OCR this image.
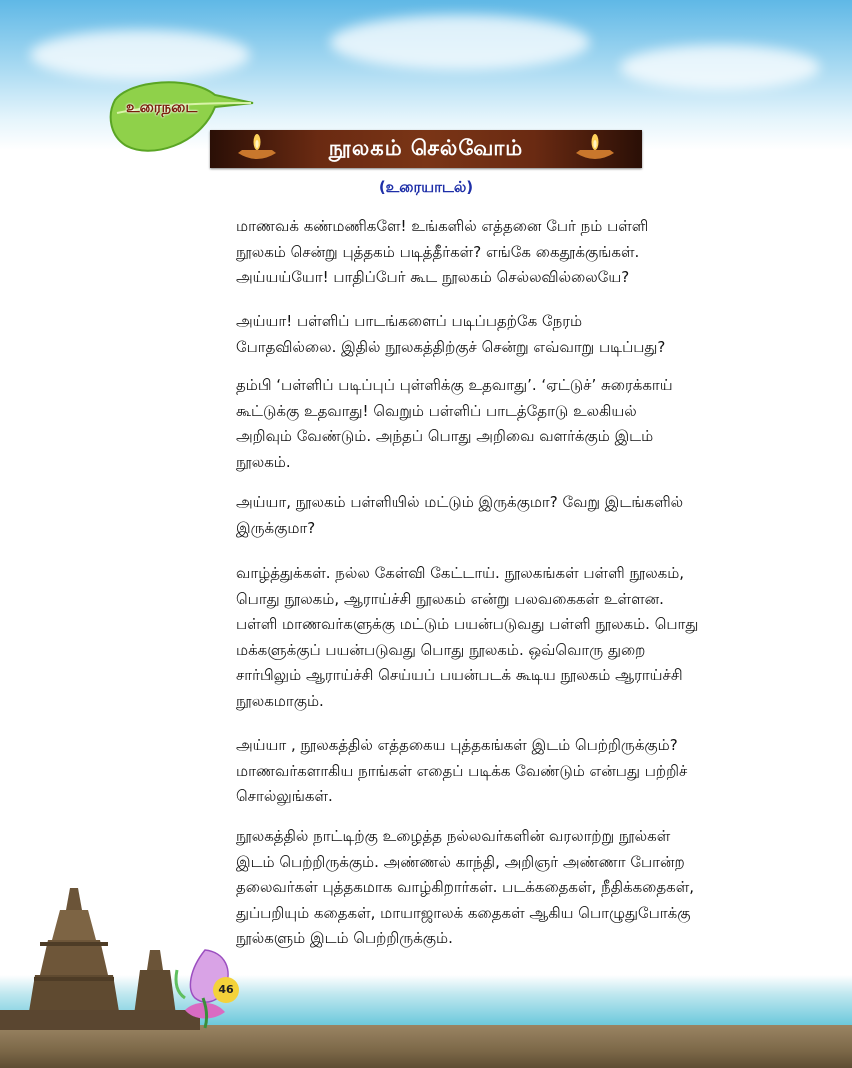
உரைநடை
நூலகம் செல்வோம்
(உரையாடல்)
மாணவக் கண்மணிகளே! உங்களில் எத்தனை பேர் நம் பள்ளி
நூலகம் சென்று புத்தகம் படித்தீர்கள்? எங்கே கைதூக்குங்கள்.
அய்யய்யோ! பாதிப்பேர் கூட நூலகம் செல்லவில்லையே?
அய்யா! பள்ளிப் பாடங்களைப் படிப்பதற்கே நேரம்
போதவில்லை. இதில் நூலகத்திற்குச் சென்று எவ்வாறு படிப்பது?
தம்பி ‘பள்ளிப் படிப்புப் புள்ளிக்கு உதவாது’. ‘ஏட்டுச்’ சுரைக்காய்
கூட்டுக்கு உதவாது! வெறும் பள்ளிப் பாடத்தோடு உலகியல்
அறிவும் வேண்டும். அந்தப் பொது அறிவை வளர்க்கும் இடம்
நூலகம்.
அய்யா, நூலகம் பள்ளியில் மட்டும் இருக்குமா? வேறு இடங்களில்
இருக்குமா?
வாழ்த்துக்கள். நல்ல கேள்வி கேட்டாய். நூலகங்கள் பள்ளி நூலகம்,
பொது நூலகம், ஆராய்ச்சி நூலகம் என்று பலவகைகள் உள்ளன.
பள்ளி மாணவர்களுக்கு மட்டும் பயன்படுவது பள்ளி நூலகம். பொது
மக்களுக்குப் பயன்படுவது பொது நூலகம். ஒவ்வொரு துறை
சார்பிலும் ஆராய்ச்சி செய்யப் பயன்படக் கூடிய நூலகம் ஆராய்ச்சி
நூலகமாகும்.
அய்யா , நூலகத்தில் எத்தகைய புத்தகங்கள் இடம் பெற்றிருக்கும்?
மாணவர்களாகிய நாங்கள் எதைப் படிக்க வேண்டும் என்பது பற்றிச்
சொல்லுங்கள்.
நூலகத்தில் நாட்டிற்கு உழைத்த நல்லவர்களின் வரலாற்று நூல்கள்
இடம் பெற்றிருக்கும். அண்ணல் காந்தி, அறிஞர் அண்ணா போன்ற
தலைவர்கள் புத்தகமாக வாழ்கிறார்கள். படக்கதைகள், நீதிக்கதைகள்,
துப்பறியும் கதைகள், மாயாஜாலக் கதைகள் ஆகிய பொழுதுபோக்கு
நூல்களும் இடம் பெற்றிருக்கும்.
46
